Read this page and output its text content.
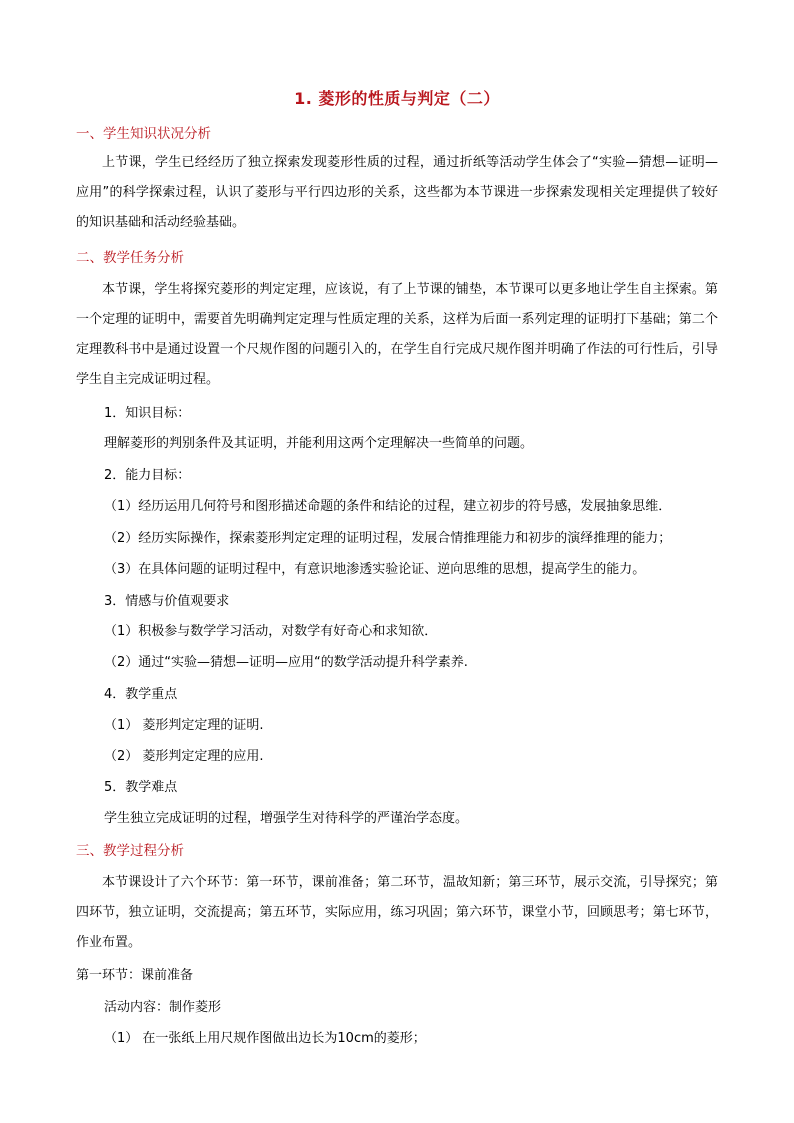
1. 菱形的性质与判定（二）
一、学生知识状况分析
上节课，学生已经经历了独立探索发现菱形性质的过程，通过折纸等活动学生体会了“实验—猜想—证明—应用”的科学探索过程，认识了菱形与平行四边形的关系，这些都为本节课进一步探索发现相关定理提供了较好的知识基础和活动经验基础。
二、教学任务分析
本节课，学生将探究菱形的判定定理，应该说，有了上节课的铺垫，本节课可以更多地让学生自主探索。第一个定理的证明中，需要首先明确判定定理与性质定理的关系，这样为后面一系列定理的证明打下基础；第二个定理教科书中是通过设置一个尺规作图的问题引入的，在学生自行完成尺规作图并明确了作法的可行性后，引导学生自主完成证明过程。
1．知识目标：
理解菱形的判别条件及其证明，并能利用这两个定理解决一些简单的问题。
2．能力目标：
（1）经历运用几何符号和图形描述命题的条件和结论的过程，建立初步的符号感，发展抽象思维．
（2）经历实际操作，探索菱形判定定理的证明过程，发展合情推理能力和初步的演绎推理的能力；
（3）在具体问题的证明过程中，有意识地渗透实验论证、逆向思维的思想，提高学生的能力。
3．情感与价值观要求
（1）积极参与数学学习活动，对数学有好奇心和求知欲．
（2）通过“实验—猜想—证明—应用“的数学活动提升科学素养.
4．教学重点
（1） 菱形判定定理的证明.
（2） 菱形判定定理的应用.
5．教学难点
学生独立完成证明的过程，增强学生对待科学的严谨治学态度。
三、教学过程分析
本节课设计了六个环节：第一环节，课前准备；第二环节，温故知新；第三环节，展示交流，引导探究；第四环节，独立证明，交流提高；第五环节，实际应用，练习巩固；第六环节，课堂小节，回顾思考；第七环节，作业布置。
第一环节：课前准备
活动内容：制作菱形
（1） 在一张纸上用尺规作图做出边长为10cm的菱形；
